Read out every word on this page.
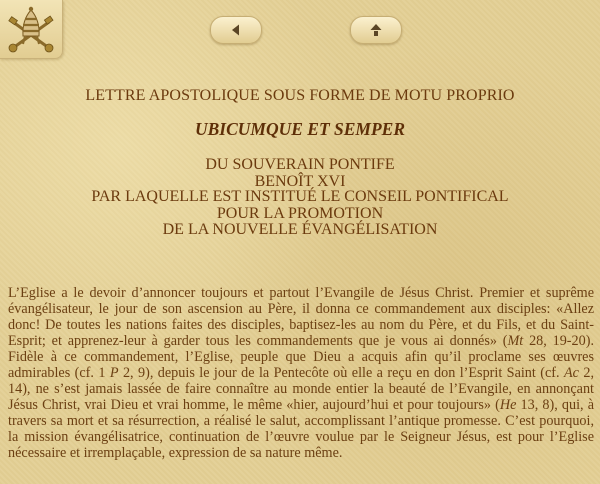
LETTRE APOSTOLIQUE SOUS FORME DE MOTU PROPRIO
UBICUMQUE ET SEMPER
DU SOUVERAIN PONTIFE
BENOÎT XVI
PAR LAQUELLE EST INSTITUÉ LE CONSEIL PONTIFICAL
POUR LA PROMOTION
DE LA NOUVELLE ÉVANGÉLISATION

L’Eglise a le devoir d’annoncer toujours et partout l’Evangile de Jésus Christ. Premier et suprême évangélisateur, le jour de son ascension au Père, il donna ce commandement aux disciples: «Allez donc! De toutes les nations faites des disciples, baptisez-les au nom du Père, et du Fils, et du Saint-Esprit; et apprenez-leur à garder tous les commandements que je vous ai donnés» (Mt 28, 19-20). Fidèle à ce commandement, l’Eglise, peuple que Dieu a acquis afin qu’il proclame ses œuvres admirables (cf. 1 P 2, 9), depuis le jour de la Pentecôte où elle a reçu en don l’Esprit Saint (cf. Ac 2, 14), ne s’est jamais lassée de faire connaître au monde entier la beauté de l’Evangile, en annonçant Jésus Christ, vrai Dieu et vrai homme, le même «hier, aujourd’hui et pour toujours» (He 13, 8), qui, à travers sa mort et sa résurrection, a réalisé le salut, accomplissant l’antique promesse. C’est pourquoi, la mission évangélisatrice, continuation de l’œuvre voulue par le Seigneur Jésus, est pour l’Eglise nécessaire et irremplaçable, expression de sa nature même.
